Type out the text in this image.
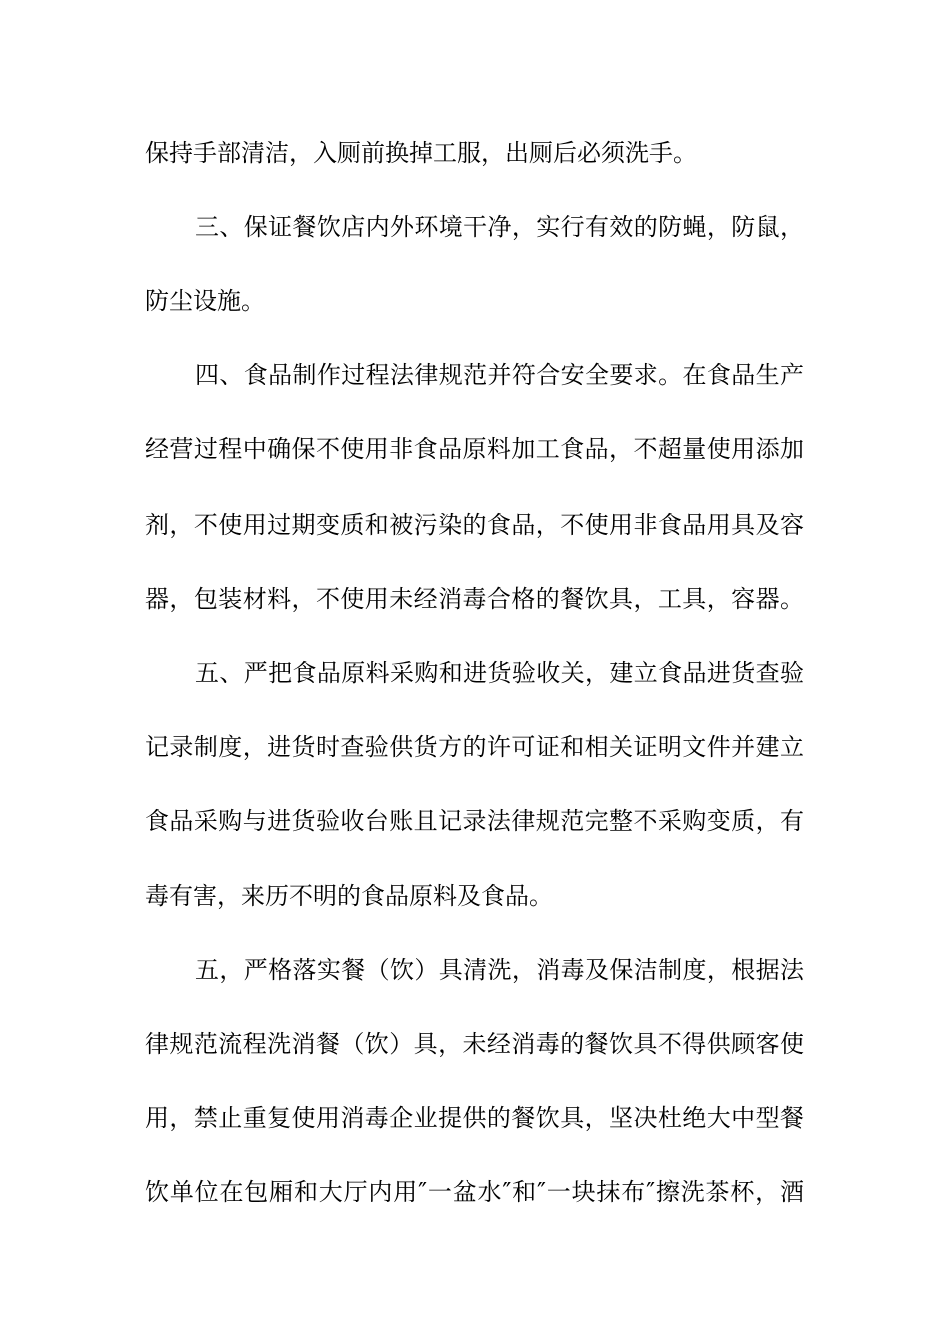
保持手部清洁，入厕前换掉工服，出厕后必须洗手。
三、保证餐饮店内外环境干净，实行有效的防蝇，防鼠，
防尘设施。
四、食品制作过程法律规范并符合安全要求。在食品生产
经营过程中确保不使用非食品原料加工食品，不超量使用添加
剂，不使用过期变质和被污染的食品，不使用非食品用具及容
器，包装材料，不使用未经消毒合格的餐饮具，工具，容器。
五、严把食品原料采购和进货验收关，建立食品进货查验
记录制度，进货时查验供货方的许可证和相关证明文件并建立
食品采购与进货验收台账且记录法律规范完整不采购变质，有
毒有害，来历不明的食品原料及食品。
五，严格落实餐（饮）具清洗，消毒及保洁制度，根据法
律规范流程洗消餐（饮）具，未经消毒的餐饮具不得供顾客使
用，禁止重复使用消毒企业提供的餐饮具，坚决杜绝大中型餐
饮单位在包厢和大厅内用″一盆水″和″一块抹布″擦洗茶杯，酒
